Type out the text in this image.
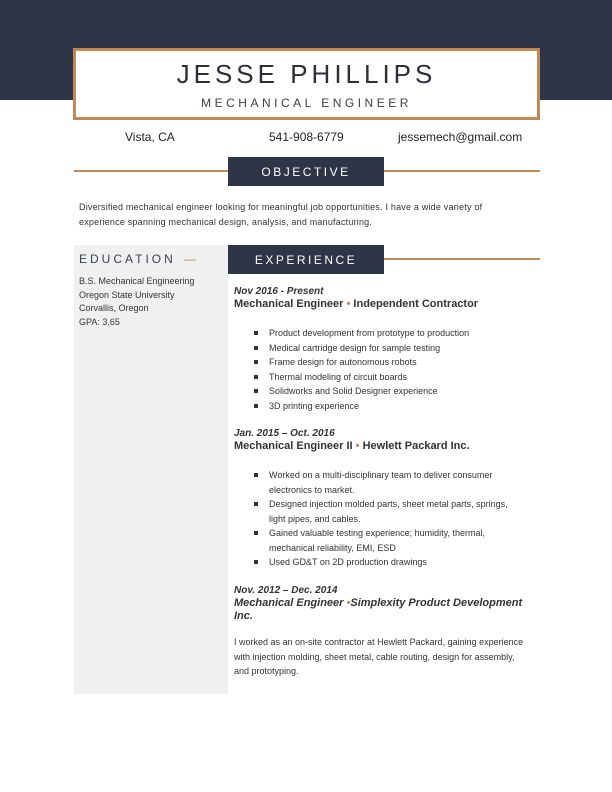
JESSE PHILLIPS
MECHANICAL ENGINEER
Vista, CA	541-908-6779	jessemech@gmail.com
OBJECTIVE
Diversified mechanical engineer looking for meaningful job opportunities. I have a wide variety of experience spanning mechanical design, analysis, and manufacturing.
EDUCATION —
B.S. Mechanical Engineering
Oregon State University
Corvallis, Oregon
GPA: 3.65
EXPERIENCE
Nov 2016 - Present
Mechanical Engineer • Independent Contractor
Product development from prototype to production
Medical cartridge design for sample testing
Frame design for autonomous robots
Thermal modeling of circuit boards
Solidworks and Solid Designer experience
3D printing experience
Jan. 2015 – Oct. 2016
Mechanical Engineer II • Hewlett Packard Inc.
Worked on a multi-disciplinary team to deliver consumer electronics to market.
Designed injection molded parts, sheet metal parts, springs, light pipes, and cables.
Gained valuable testing experience; humidity, thermal, mechanical reliability, EMI, ESD
Used GD&T on 2D production drawings
Nov. 2012 – Dec. 2014
Mechanical Engineer •Simplexity Product Development Inc.
I worked as an on-site contractor at Hewlett Packard, gaining experience with injection molding, sheet metal, cable routing, design for assembly, and prototyping.
